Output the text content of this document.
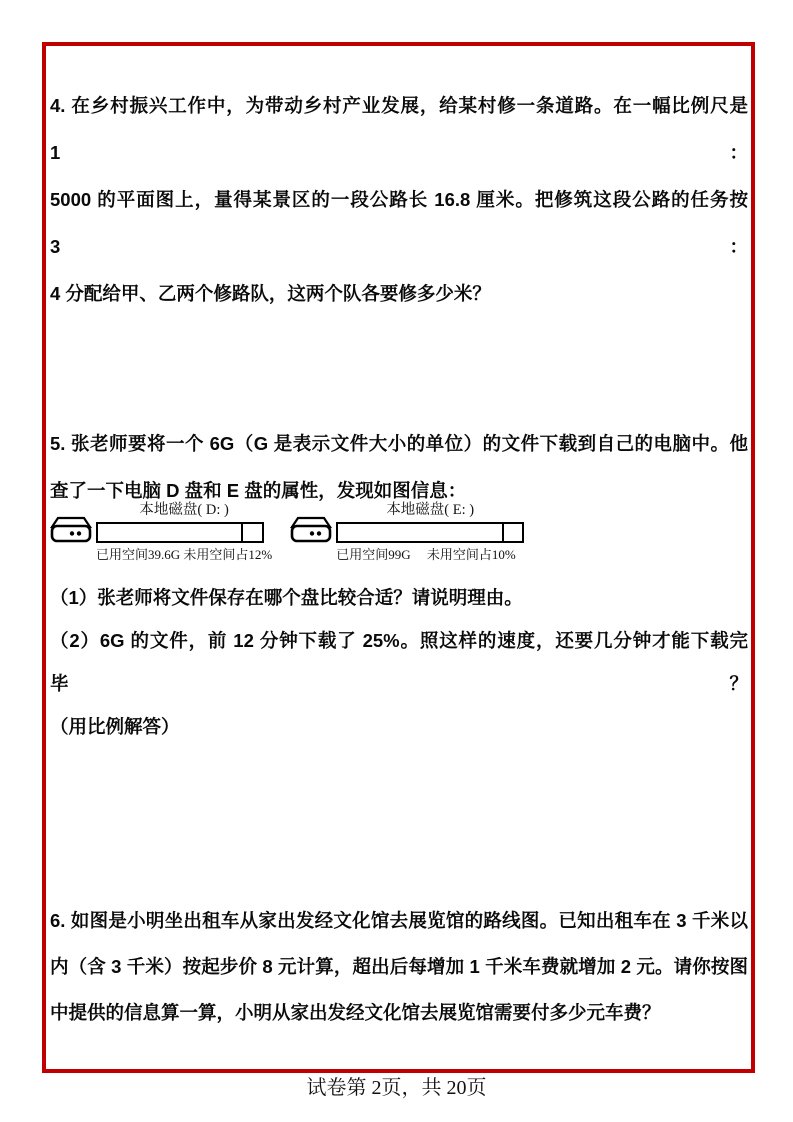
4. 在乡村振兴工作中，为带动乡村产业发展，给某村修一条道路。在一幅比例尺是 1：
5000 的平面图上，量得某景区的一段公路长 16.8 厘米。把修筑这段公路的任务按 3：
4 分配给甲、乙两个修路队，这两个队各要修多少米？
5. 张老师要将一个 6G（G 是表示文件大小的单位）的文件下载到自己的电脑中。他
查了一下电脑 D 盘和 E 盘的属性，发现如图信息：
本地磁盘( D: )
已用空间39.6G 未用空间占12%
本地磁盘( E: )
已用空间99G　 未用空间占10%
（1）张老师将文件保存在哪个盘比较合适？请说明理由。
（2）6G 的文件，前 12 分钟下载了 25%。照这样的速度，还要几分钟才能下载完毕？
（用比例解答）
6. 如图是小明坐出租车从家出发经文化馆去展览馆的路线图。已知出租车在 3 千米以
内（含 3 千米）按起步价 8 元计算，超出后每增加 1 千米车费就增加 2 元。请你按图
中提供的信息算一算，小明从家出发经文化馆去展览馆需要付多少元车费？
试卷第 2页，共 20页
